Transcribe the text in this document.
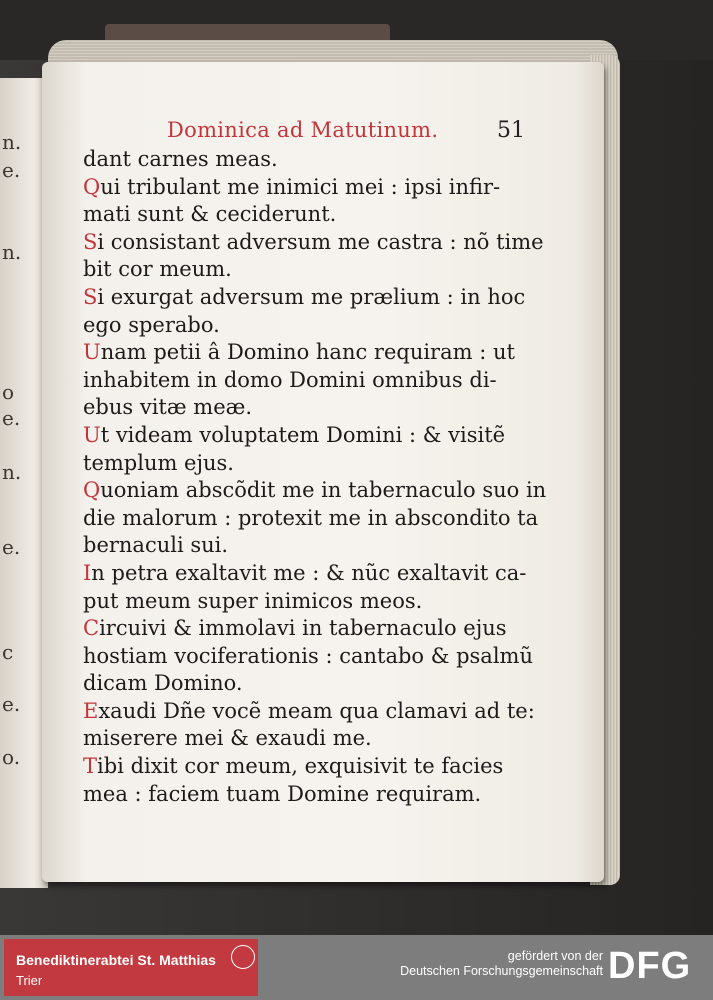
n.
e.
n.
o
e.
n.
e.
c
e.
o.
Dominica ad Matutinum.	51
dant carnes meas.
Qui tribulant me inimici mei : ipsi infir-
mati sunt & ceciderunt.
Si consistant adversum me castra : nõ time
bit cor meum.
Si exurgat adversum me prælium : in hoc
ego sperabo.
Unam petii â Domino hanc requiram : ut
inhabitem in domo Domini omnibus di-
ebus vitæ meæ.
Ut videam voluptatem Domini : & visitẽ
templum ejus.
Quoniam abscõdit me in tabernaculo suo in
die malorum : protexit me in abscondito ta
bernaculi sui.
In petra exaltavit me : & nũc exaltavit ca-
put meum super inimicos meos.
Circuivi & immolavi in tabernaculo ejus
hostiam vociferationis : cantabo & psalmũ
dicam Domino.
Exaudi Dñe vocẽ meam qua clamavi ad te:
miserere mei & exaudi me.
Tibi dixit cor meum, exquisivit te facies
mea : faciem tuam Domine requiram.
Benediktinerabtei St. Matthias
Trier
gefördert von der
Deutschen Forschungsgemeinschaft DFG
